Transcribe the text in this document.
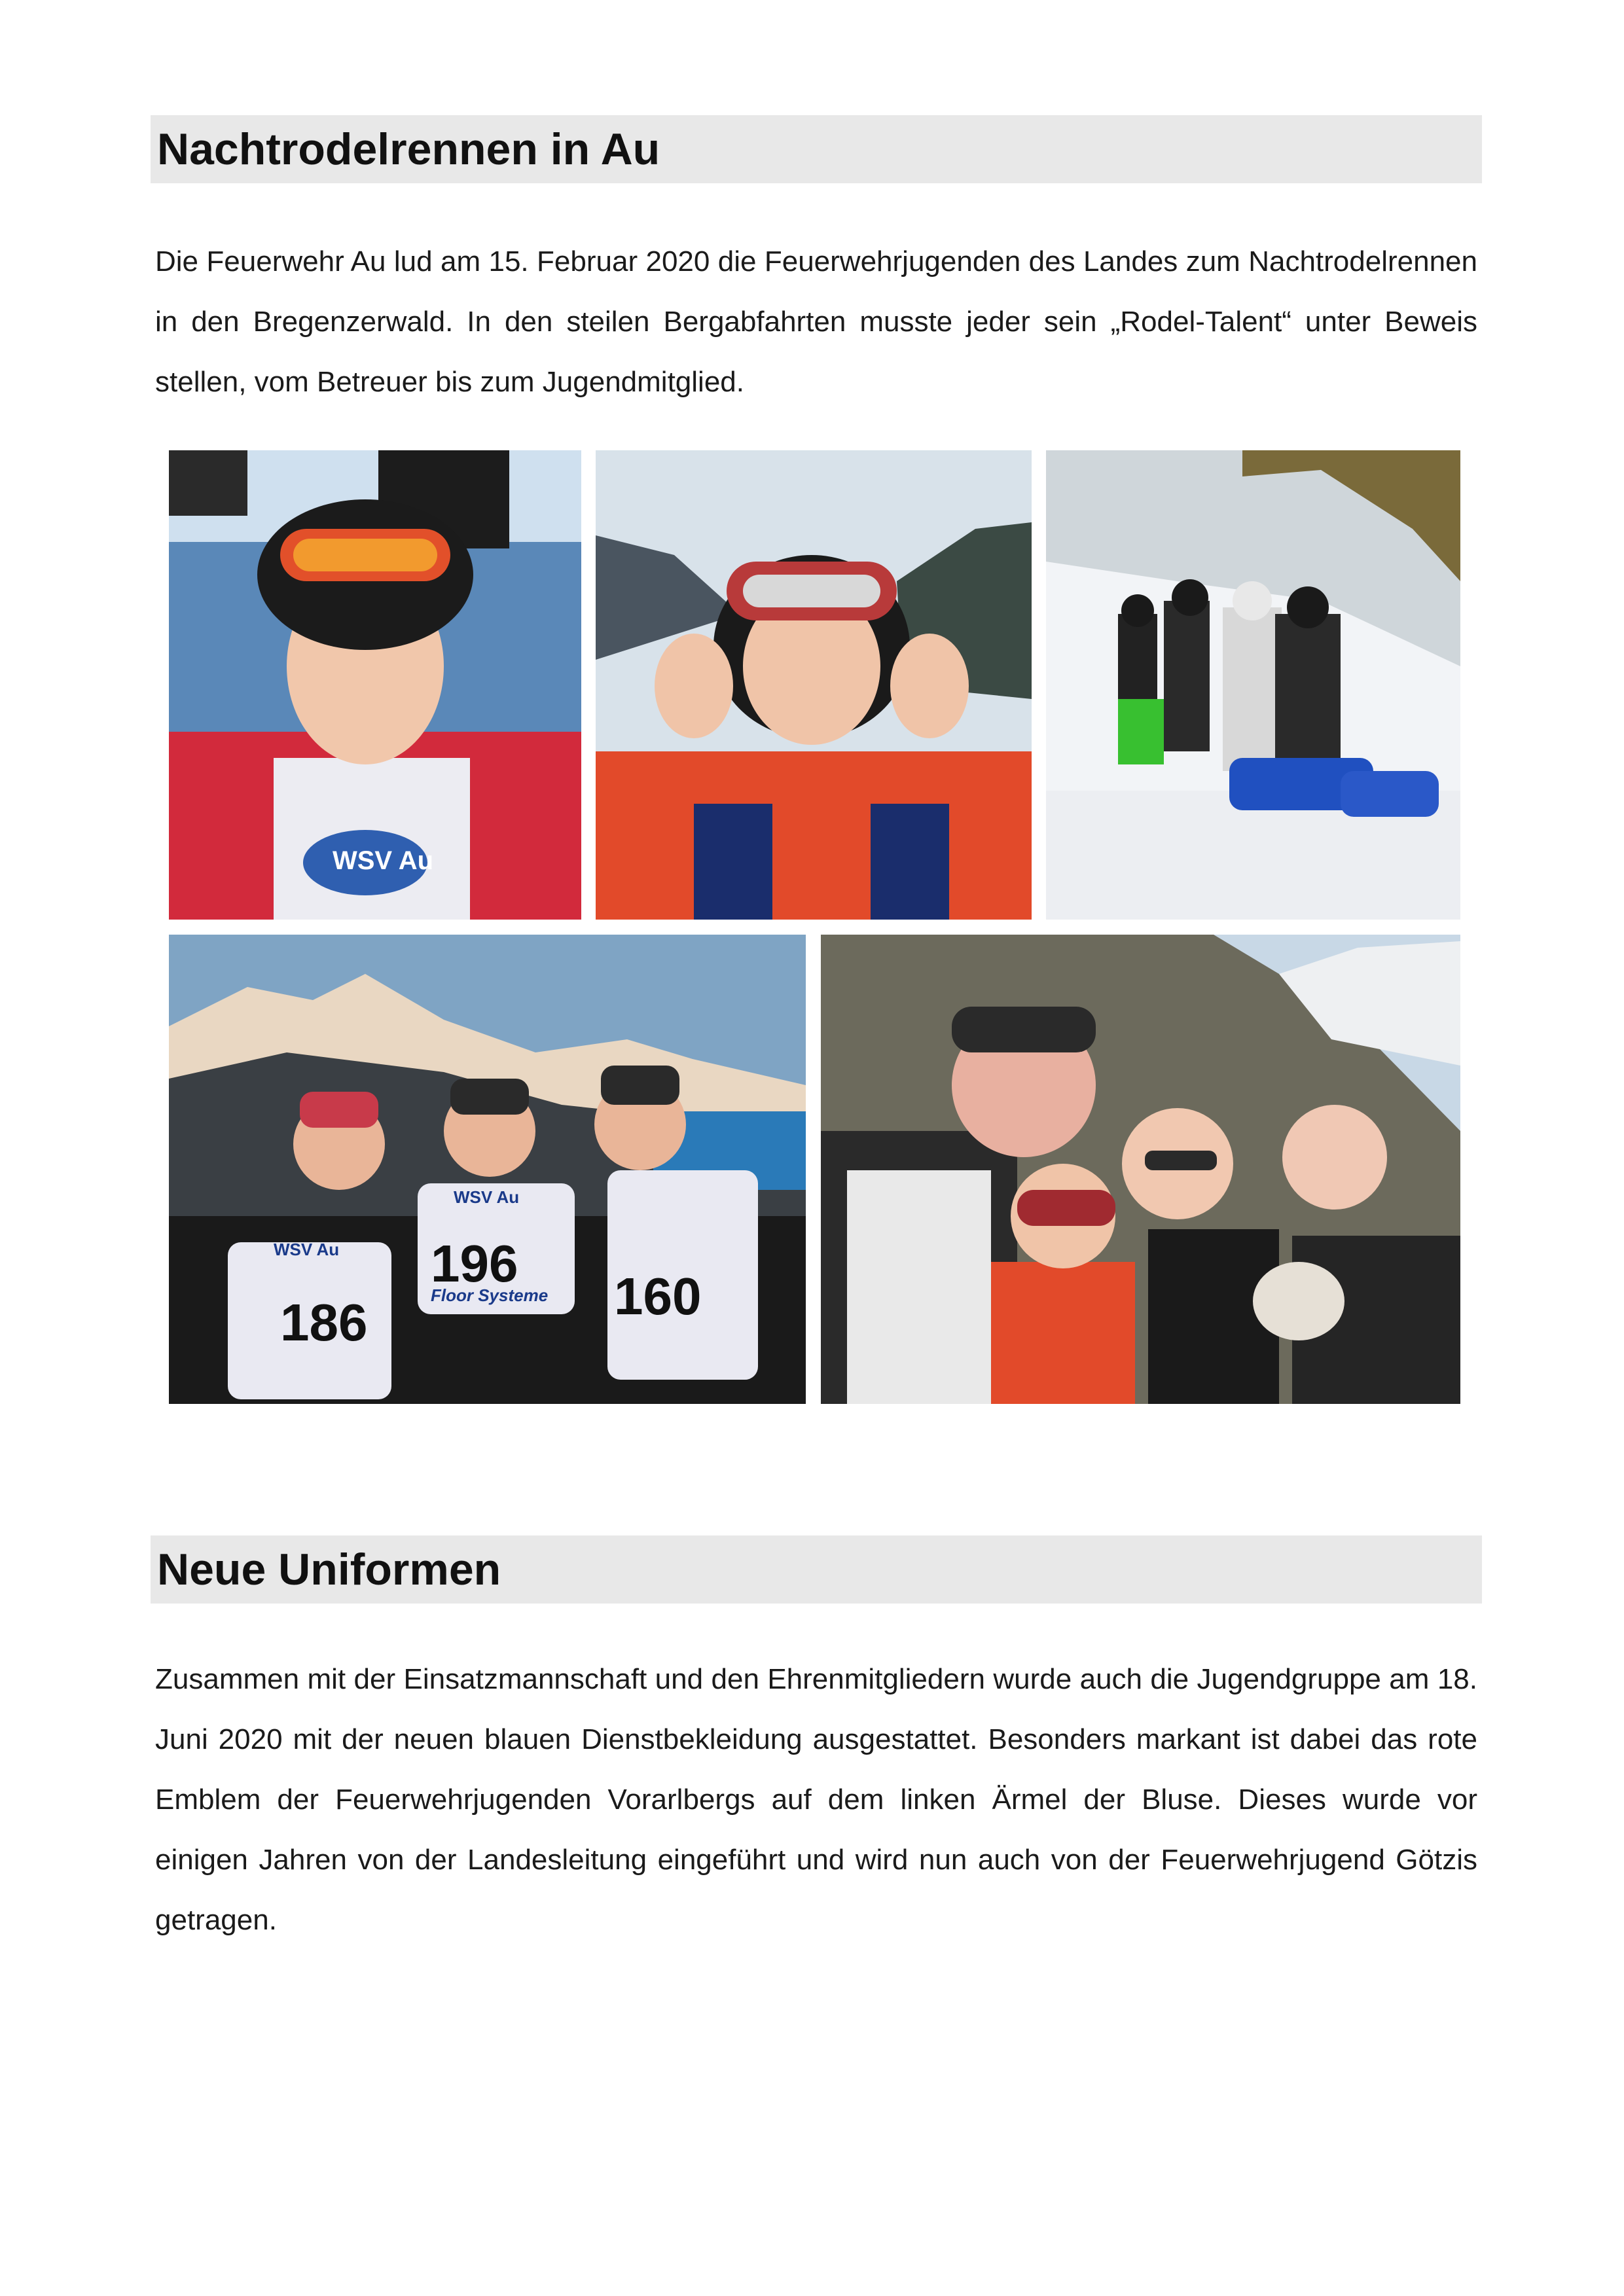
Nachtrodelrennen in Au

Die Feuerwehr Au lud am 15. Februar 2020 die Feuerwehrjugenden des Landes zum Nachtrodelrennen in den Bregenzerwald. In den steilen Bergabfahrten musste jeder sein „Rodel-Talent“ unter Beweis stellen, vom Betreuer bis zum Jugendmitglied.

WSV Au
WSV Au
186
WSV Au
196
160
Floor Systeme
Neue Uniformen

Zusammen mit der Einsatzmannschaft und den Ehrenmitgliedern wurde auch die Jugendgruppe am 18. Juni 2020 mit der neuen blauen Dienstbekleidung ausgestattet. Besonders markant ist dabei das rote Emblem der Feuerwehrjugenden Vorarlbergs auf dem linken Ärmel der Bluse. Dieses wurde vor einigen Jahren von der Landesleitung eingeführt und wird nun auch von der Feuerwehrjugend Götzis getragen.
